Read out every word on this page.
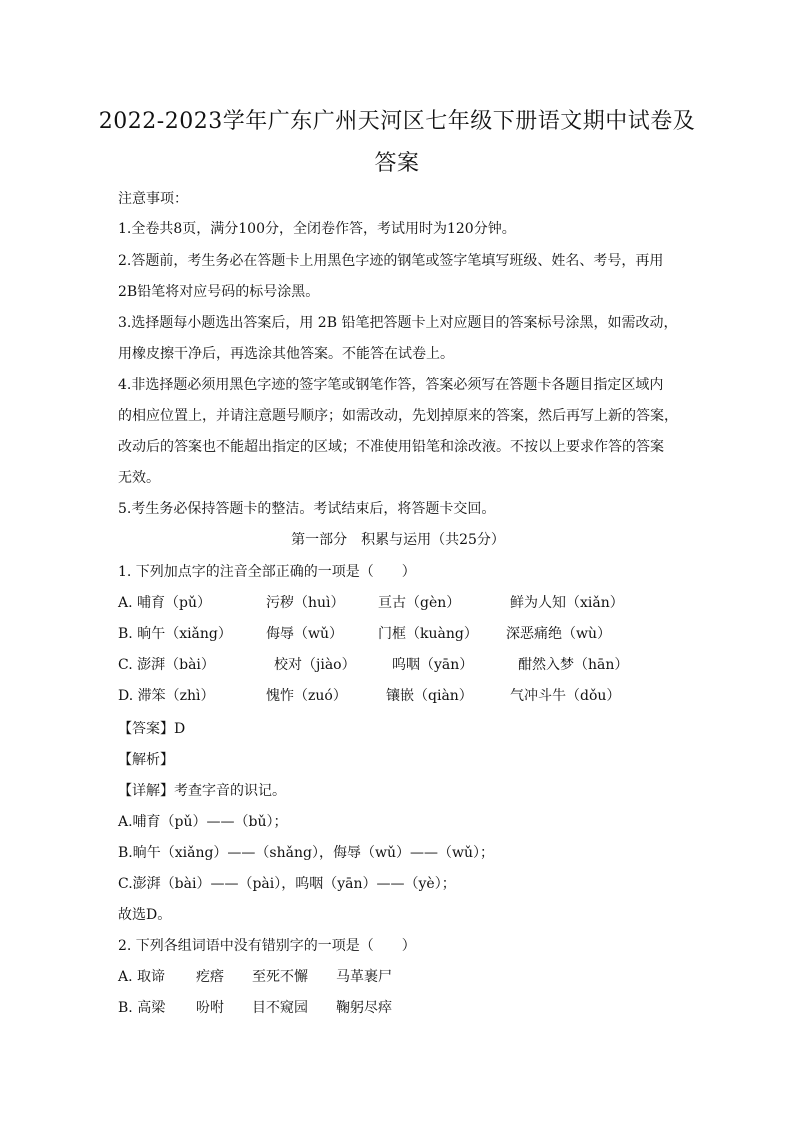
2022-2023学年广东广州天河区七年级下册语文期中试卷及
答案
注意事项：
1.全卷共8页，满分100分，全闭卷作答，考试用时为120分钟。
2.答题前，考生务必在答题卡上用黑色字迹的钢笔或签字笔填写班级、姓名、考号，再用
2B铅笔将对应号码的标号涂黑。
3.选择题每小题选出答案后，用 2B 铅笔把答题卡上对应题目的答案标号涂黑，如需改动，
用橡皮擦干净后，再选涂其他答案。不能答在试卷上。
4.非选择题必须用黑色字迹的签字笔或钢笔作答，答案必须写在答题卡各题目指定区域内
的相应位置上，并请注意题号顺序；如需改动，先划掉原来的答案，然后再写上新的答案，
改动后的答案也不能超出指定的区域；不准使用铅笔和涂改液。不按以上要求作答的答案
无效。
5.考生务必保持答题卡的整洁。考试结束后，将答题卡交回。
第一部分　积累与运用（共25分）
1. 下列加点字的注音全部正确的一项是（　　）
A. 哺育（pǔ）	污秽（huì） 亘古（gèn）	鲜为人知（xiǎn）
B. 晌午（xiǎng） 侮辱（wǔ）	门框（kuàng） 深恶痛绝（wù）
C. 澎湃（bài）	校对（jiào）	呜咽（yān）	酣然入梦（hān）
D. 滞笨（zhì）	愧怍（zuó）	镶嵌（qiàn）	气冲斗牛（dǒu）
【答案】D
【解析】
【详解】考查字音的识记。
A.哺育（pǔ）——（bǔ）；
B.晌午（xiǎng）——（shǎng），侮辱（wǔ）——（wǔ）；
C.澎湃（bài）——（pài），呜咽（yān）——（yè）；
故选D。
2. 下列各组词语中没有错别字的一项是（　　）
A. 取谛 疙瘩 至死不懈 马革裹尸
B. 高梁 吩咐 目不窥园 鞠躬尽瘁
